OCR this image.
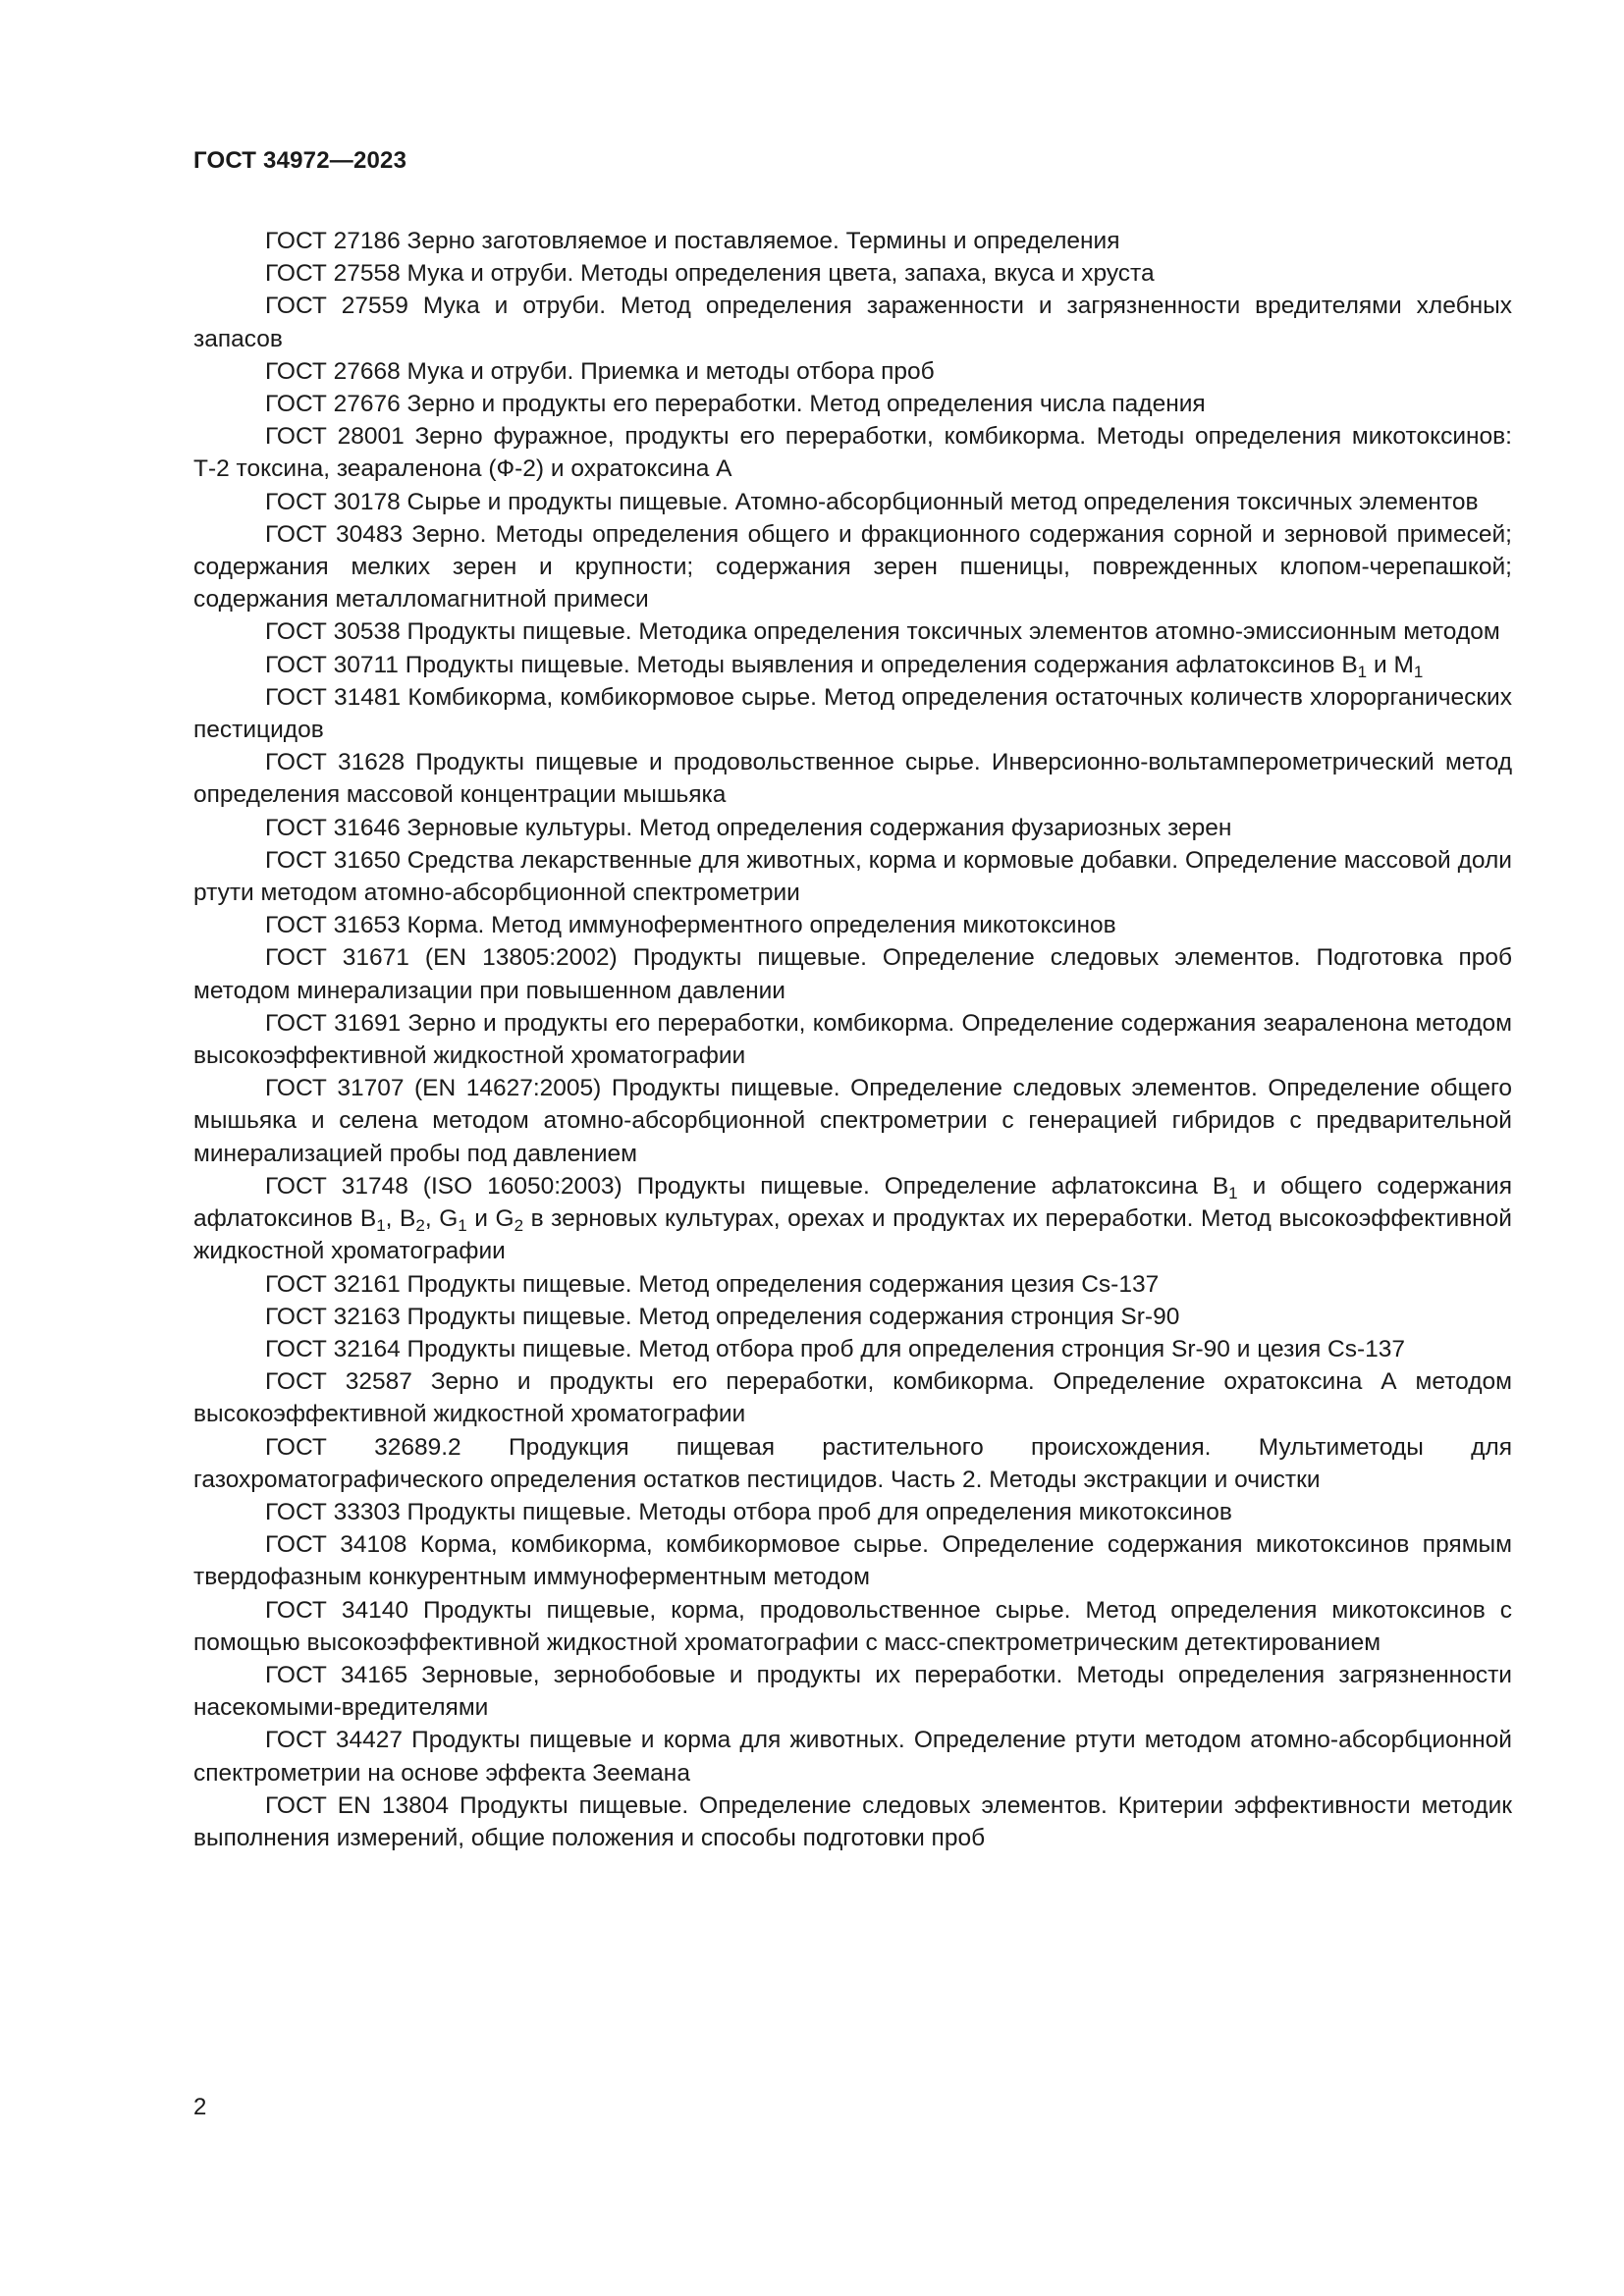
ГОСТ 34972—2023

ГОСТ 27186 Зерно заготовляемое и поставляемое. Термины и определения

ГОСТ 27558 Мука и отруби. Методы определения цвета, запаха, вкуса и хруста

ГОСТ 27559 Мука и отруби. Метод определения зараженности и загрязненности вредителями хлебных запасов

ГОСТ 27668 Мука и отруби. Приемка и методы отбора проб

ГОСТ 27676 Зерно и продукты его переработки. Метод определения числа падения

ГОСТ 28001 Зерно фуражное, продукты его переработки, комбикорма. Методы определения микотоксинов: Т-2 токсина, зеараленона (Ф-2) и охратоксина А

ГОСТ 30178 Сырье и продукты пищевые. Атомно-абсорбционный метод определения токсичных элементов

ГОСТ 30483 Зерно. Методы определения общего и фракционного содержания сорной и зерновой примесей; содержания мелких зерен и крупности; содержания зерен пшеницы, поврежденных клопом-черепашкой; содержания металломагнитной примеси

ГОСТ 30538 Продукты пищевые. Методика определения токсичных элементов атомно-эмиссионным методом

ГОСТ 30711 Продукты пищевые. Методы выявления и определения содержания афлатоксинов $B_1$ и $M_1$

ГОСТ 31481 Комбикорма, комбикормовое сырье. Метод определения остаточных количеств хлорорганических пестицидов

ГОСТ 31628 Продукты пищевые и продовольственное сырье. Инверсионно-вольтамперометрический метод определения массовой концентрации мышьяка

ГОСТ 31646 Зерновые культуры. Метод определения содержания фузариозных зерен

ГОСТ 31650 Средства лекарственные для животных, корма и кормовые добавки. Определение массовой доли ртути методом атомно-абсорбционной спектрометрии

ГОСТ 31653 Корма. Метод иммуноферментного определения микотоксинов

ГОСТ 31671 (EN 13805:2002) Продукты пищевые. Определение следовых элементов. Подготовка проб методом минерализации при повышенном давлении

ГОСТ 31691 Зерно и продукты его переработки, комбикорма. Определение содержания зеараленона методом высокоэффективной жидкостной хроматографии

ГОСТ 31707 (EN 14627:2005) Продукты пищевые. Определение следовых элементов. Определение общего мышьяка и селена методом атомно-абсорбционной спектрометрии с генерацией гибридов с предварительной минерализацией пробы под давлением

ГОСТ 31748 (ISO 16050:2003) Продукты пищевые. Определение афлатоксина $B_1$ и общего содержания афлатоксинов $B_1$, $B_2$, $G_1$ и $G_2$ в зерновых культурах, орехах и продуктах их переработки. Метод высокоэффективной жидкостной хроматографии

ГОСТ 32161 Продукты пищевые. Метод определения содержания цезия Cs-137

ГОСТ 32163 Продукты пищевые. Метод определения содержания стронция Sr-90

ГОСТ 32164 Продукты пищевые. Метод отбора проб для определения стронция Sr-90 и цезия Cs-137

ГОСТ 32587 Зерно и продукты его переработки, комбикорма. Определение охратоксина А методом высокоэффективной жидкостной хроматографии

ГОСТ 32689.2 Продукция пищевая растительного происхождения. Мультиметоды для газохроматографического определения остатков пестицидов. Часть 2. Методы экстракции и очистки

ГОСТ 33303 Продукты пищевые. Методы отбора проб для определения микотоксинов

ГОСТ 34108 Корма, комбикорма, комбикормовое сырье. Определение содержания микотоксинов прямым твердофазным конкурентным иммуноферментным методом

ГОСТ 34140 Продукты пищевые, корма, продовольственное сырье. Метод определения микотоксинов с помощью высокоэффективной жидкостной хроматографии с масс-спектрометрическим детектированием

ГОСТ 34165 Зерновые, зернобобовые и продукты их переработки. Методы определения загрязненности насекомыми-вредителями

ГОСТ 34427 Продукты пищевые и корма для животных. Определение ртути методом атомно-абсорбционной спектрометрии на основе эффекта Зеемана

ГОСТ EN 13804 Продукты пищевые. Определение следовых элементов. Критерии эффективности методик выполнения измерений, общие положения и способы подготовки проб

2
